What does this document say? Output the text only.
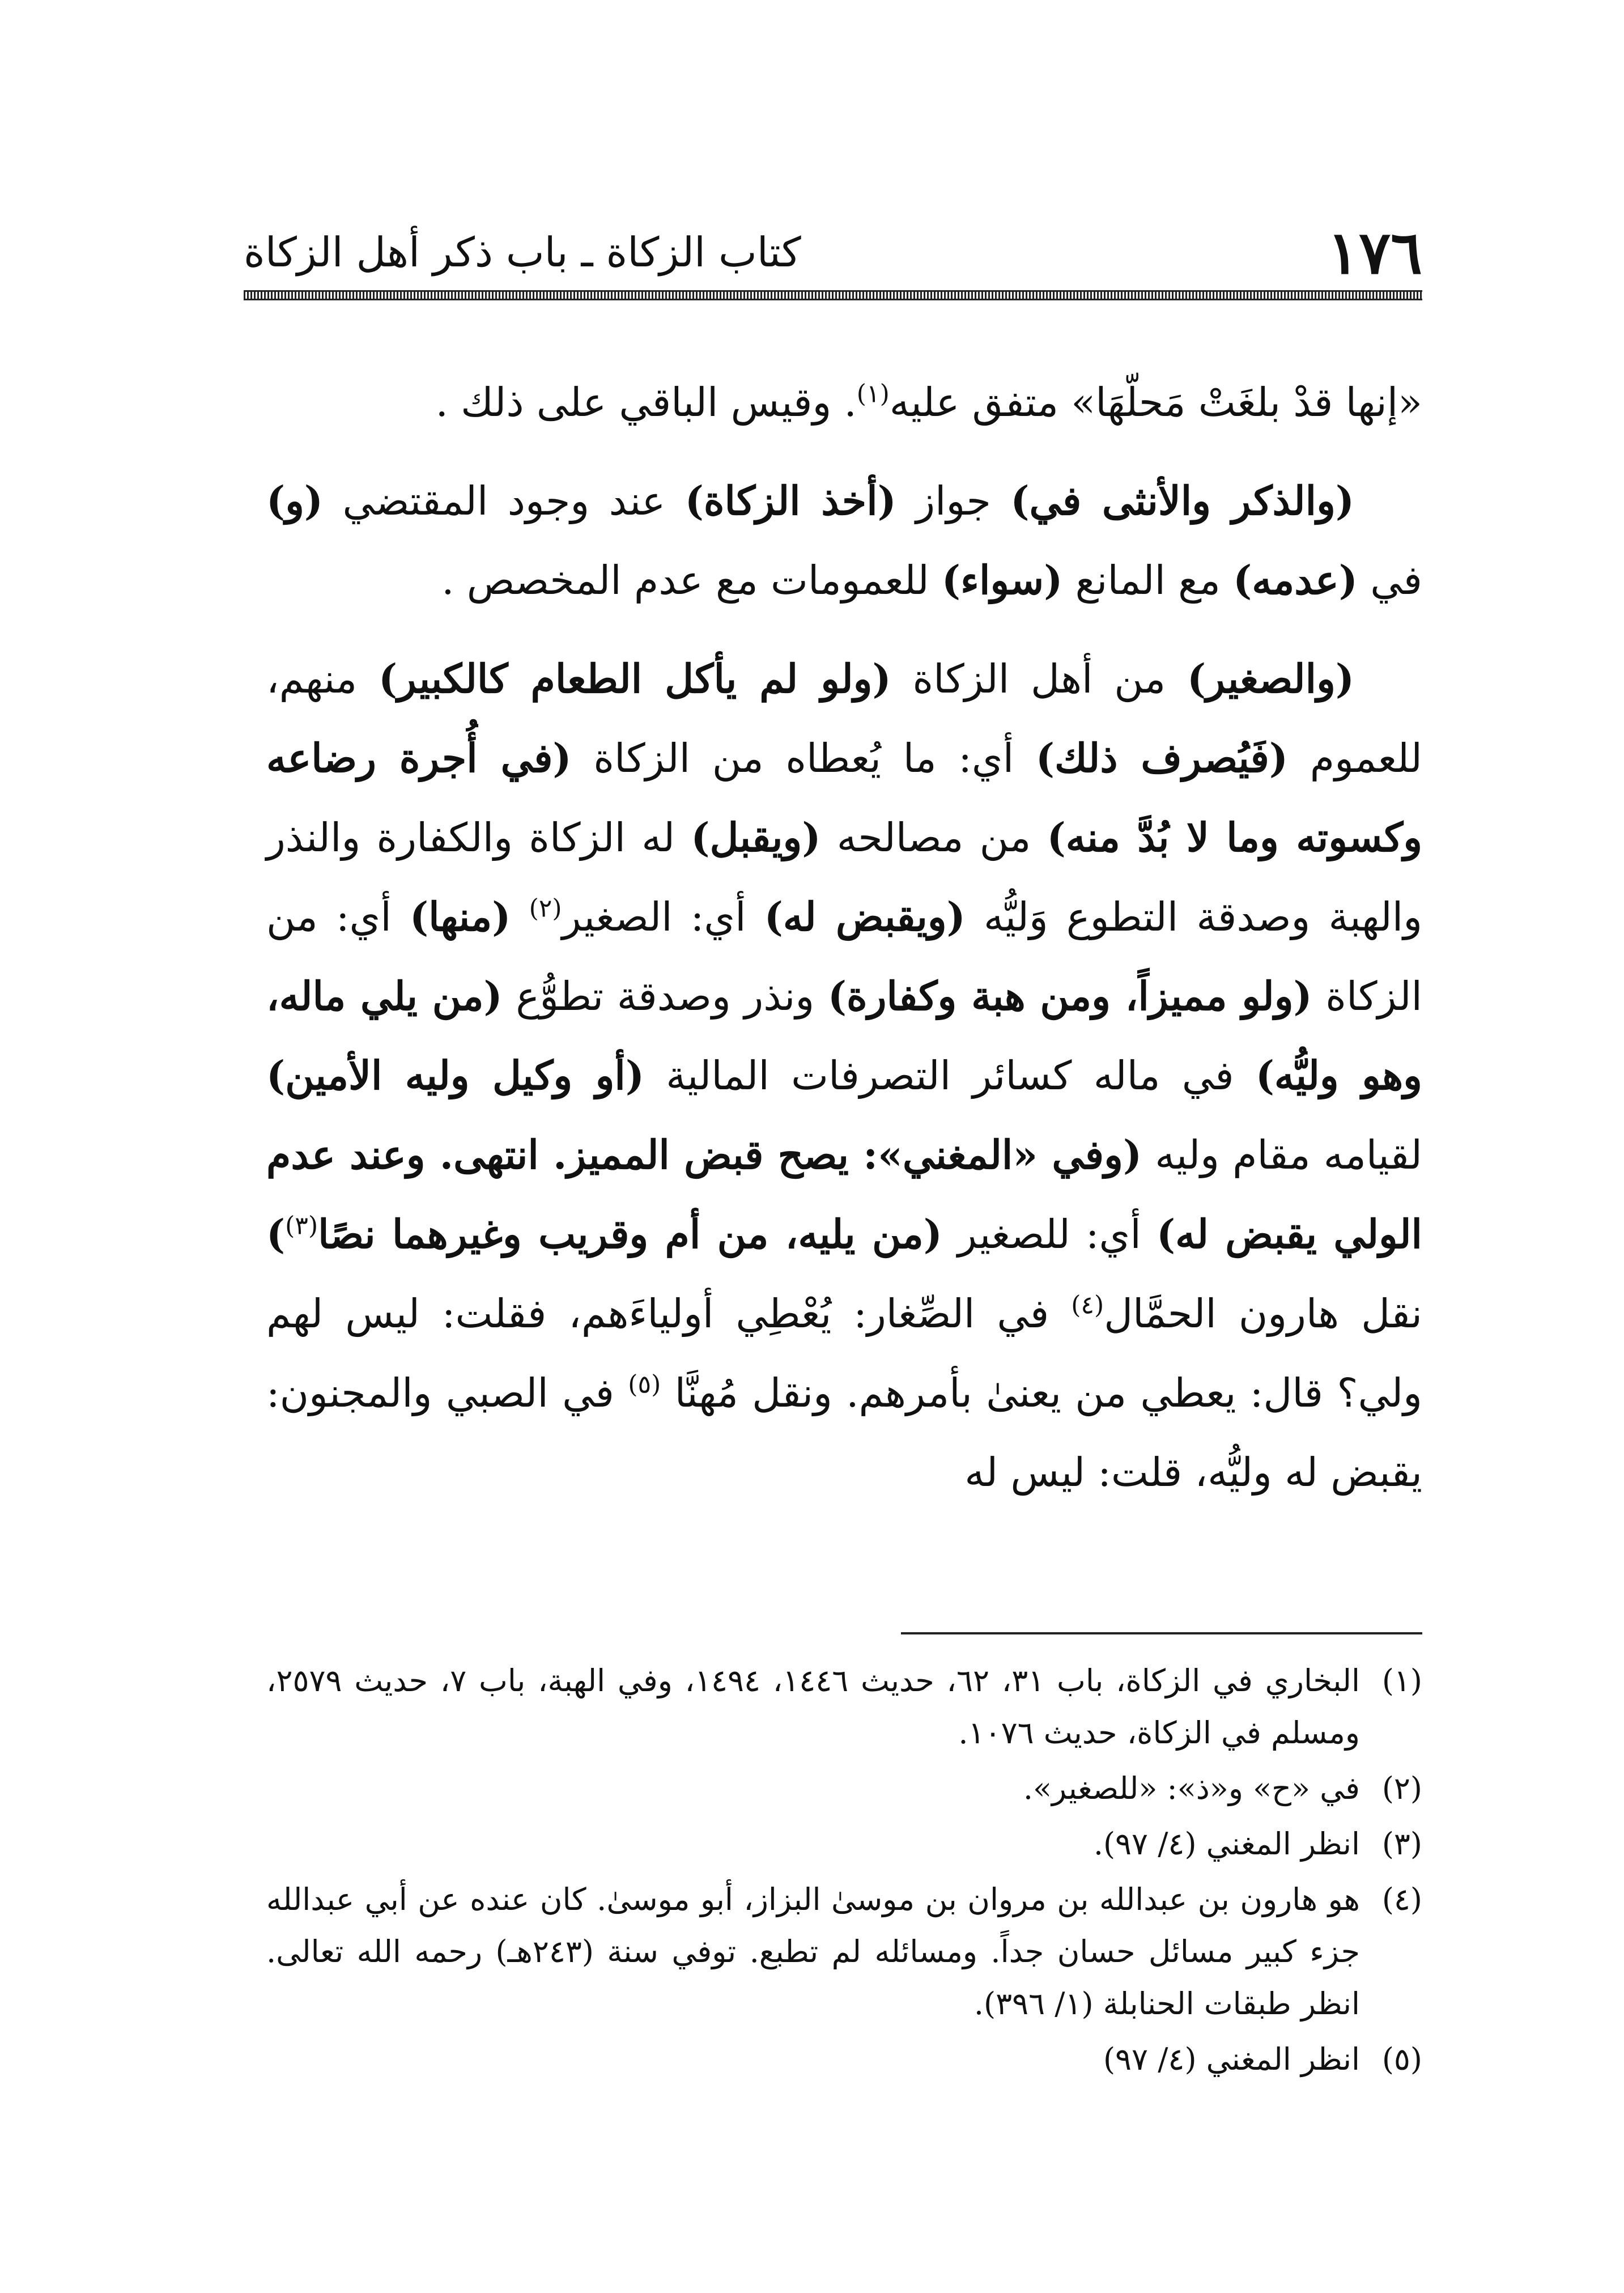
١٧٦
كتاب الزكاة ـ باب ذكر أهل الزكاة

«إنها قدْ بلغَتْ مَحلّهَا» متفق عليه$^{(١)}$. وقيس الباقي على ذلك .

(والذكر والأنثى في) جواز (أخذ الزكاة) عند وجود المقتضي (و) في (عدمه) مع المانع (سواء) للعمومات مع عدم المخصص .

(والصغير) من أهل الزكاة (ولو لم يأكل الطعام كالكبير) منهم، للعموم (فَيُصرف ذلك) أي: ما يُعطاه من الزكاة (في أُجرة رضاعه وكسوته وما لا بُدَّ منه) من مصالحه (ويقبل) له الزكاة والكفارة والنذر والهبة وصدقة التطوع وَليُّه (ويقبض له) أي: الصغير$^{(٢)}$ (منها) أي: من الزكاة (ولو مميزاً، ومن هبة وكفارة) ونذر وصدقة تطوُّع (من يلي ماله، وهو وليُّه) في ماله كسائر التصرفات المالية (أو وكيل وليه الأمين) لقيامه مقام وليه (وفي «المغني»: يصح قبض المميز. انتهى. وعند عدم الولي يقبض له) أي: للصغير (من يليه، من أم وقريب وغيرهما نصًا$^{(٣)}$) نقل هارون الحمَّال$^{(٤)}$ في الصِّغار: يُعْطِي أولياءَهم، فقلت: ليس لهم ولي؟ قال: يعطي من يعنىٰ بأمرهم. ونقل مُهنَّا $^{(٥)}$ في الصبي والمجنون: يقبض له وليُّه، قلت: ليس له

(١)
البخاري في الزكاة، باب ٣١، ٦٢، حديث ١٤٤٦، ١٤٩٤، وفي الهبة، باب ٧، حديث ٢٥٧٩، ومسلم في الزكاة، حديث ١٠٧٦.
(٢)
في «ح» و«ذ»: «للصغير».
(٣)
انظر المغني (٤/ ٩٧).
(٤)
هو هارون بن عبدالله بن مروان بن موسىٰ البزاز، أبو موسىٰ. كان عنده عن أبي عبدالله جزء كبير مسائل حسان جداً. ومسائله لم تطبع. توفي سنة (٢٤٣هـ) رحمه الله تعالى. انظر طبقات الحنابلة (١/ ٣٩٦).
(٥)
انظر المغني (٤/ ٩٧)
